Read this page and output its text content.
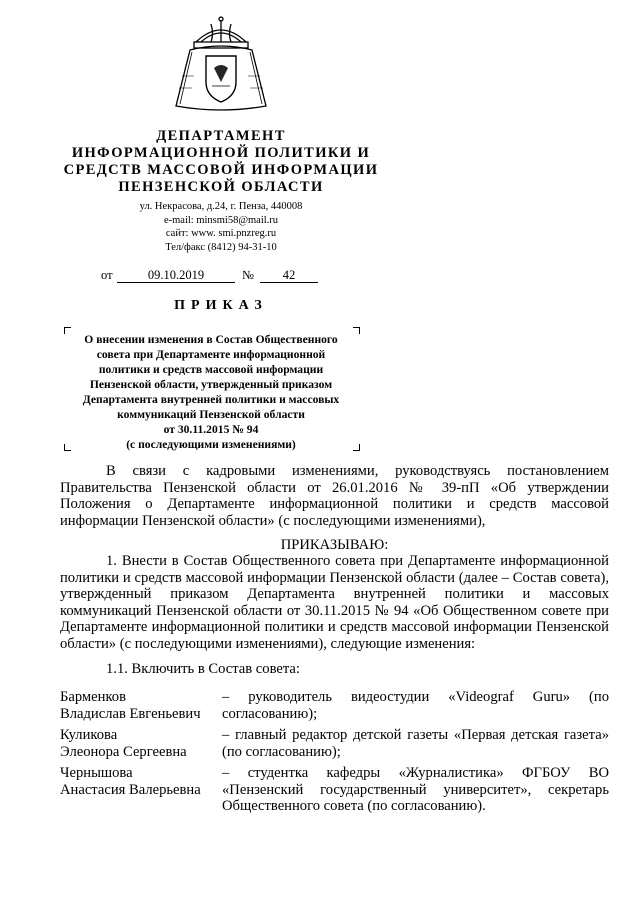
ДЕПАРТАМЕНТ
ИНФОРМАЦИОННОЙ ПОЛИТИКИ И
СРЕДСТВ МАССОВОЙ ИНФОРМАЦИИ
ПЕНЗЕНСКОЙ ОБЛАСТИ
ул. Некрасова, д.24, г. Пенза, 440008
e-mail: minsmi58@mail.ru
сайт: www. smi.pnzreg.ru
Тел/факс (8412) 94-31-10
от	09.10.2019	№	42
ПРИКАЗ
О внесении изменения в Состав Общественного
совета при Департаменте информационной
политики и средств массовой информации
Пензенской области, утвержденный приказом
Департамента внутренней политики и массовых
коммуникаций Пензенской области
от 30.11.2015 № 94
(с последующими изменениями)
В связи с кадровыми изменениями, руководствуясь постановлением Правительства Пензенской области от 26.01.2016 № 39-пП «Об утверждении Положения о Департаменте информационной политики и средств массовой информации Пензенской области» (с последующими изменениями),
ПРИКАЗЫВАЮ:
1. Внести в Состав Общественного совета при Департаменте информационной политики и средств массовой информации Пензенской области (далее – Состав совета), утвержденный приказом Департамента внутренней политики и массовых коммуникаций Пензенской области от 30.11.2015 № 94 «Об Общественном совете при Департаменте информационной политики и средств массовой информации Пензенской области» (с последующими изменениями), следующие изменения:
1.1. Включить в Состав совета:
Барменков
Владислав Евгеньевич
– руководитель видеостудии «Videograf Guru» (по согласованию);
Куликова
Элеонора Сергеевна
– главный редактор детской газеты «Первая детская газета» (по согласованию);
Чернышова
Анастасия Валерьевна
– студентка кафедры «Журналистика» ФГБОУ ВО «Пензенский государственный университет», секретарь Общественного совета (по согласованию).
